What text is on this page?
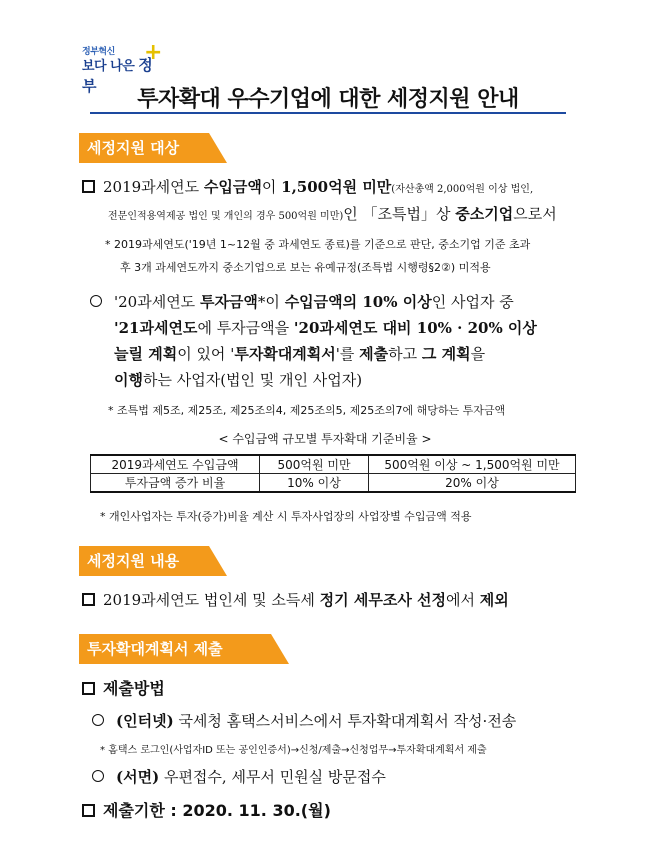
정부혁신
보다 나은 정부
+
투자확대 우수기업에 대한 세정지원 안내
세정지원 대상
2019과세연도 수입금액이 1,500억원 미만(자산총액 2,000억원 이상 법인,
전문인적용역제공 법인 및 개인의 경우 500억원 미만)인 「조특법」상 중소기업으로서
* 2019과세연도('19년 1~12월 중 과세연도 종료)를 기준으로 판단, 중소기업 기준 초과
후 3개 과세연도까지 중소기업으로 보는 유예규정(조특법 시행령§2②) 미적용
'20과세연도 투자금액*이 수입금액의 10% 이상인 사업자 중
'21과세연도에 투자금액을 '20과세연도 대비 10% · 20% 이상
늘릴 계획이 있어 '투자확대계획서'를 제출하고 그 계획을
이행하는 사업자(법인 및 개인 사업자)
* 조특법 제5조, 제25조, 제25조의4, 제25조의5, 제25조의7에 해당하는 투자금액
< 수입금액 규모별 투자확대 기준비율 >
2019과세연도 수입금액	500억원 미만	500억원 이상 ~ 1,500억원 미만
투자금액 증가 비율	10% 이상	20% 이상
* 개인사업자는 투자(증가)비율 계산 시 투자사업장의 사업장별 수입금액 적용
세정지원 내용
2019과세연도 법인세 및 소득세 정기 세무조사 선정에서 제외
투자확대계획서 제출
제출방법
(인터넷) 국세청 홈택스서비스에서 투자확대계획서 작성·전송
* 홈택스 로그인(사업자ID 또는 공인인증서)→신청/제출→신청업무→투자확대계획서 제출
(서면) 우편접수, 세무서 민원실 방문접수
제출기한 : 2020. 11. 30.(월)
